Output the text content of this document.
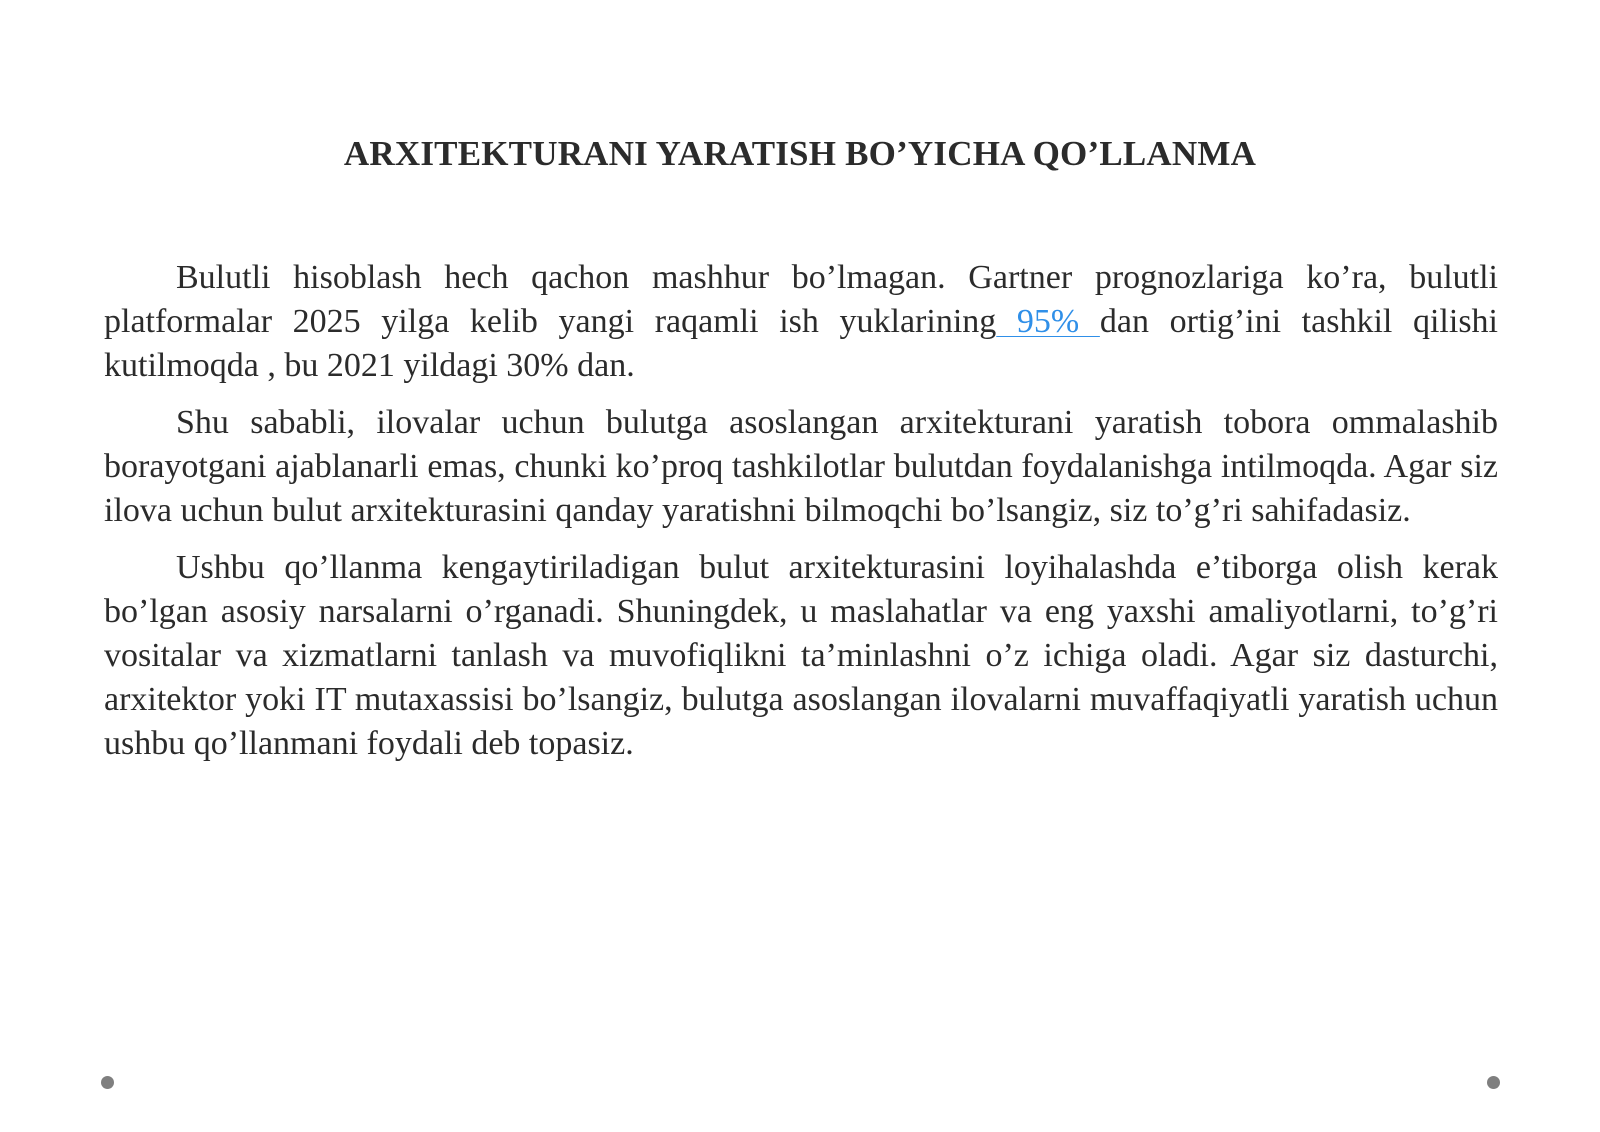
ARXITEKTURANI YARATISH BO’YICHA QO’LLANMA

Bulutli hisoblash hech qachon mashhur bo’lmagan. Gartner prognozlariga ko’ra, bulutli platformalar 2025 yilga kelib yangi raqamli ish yuklarining 95% dan ortig’ini tashkil qilishi kutilmoqda , bu 2021 yildagi 30% dan.

Shu sababli, ilovalar uchun bulutga asoslangan arxitekturani yaratish tobora ommalashib borayotgani ajablanarli emas, chunki ko’proq tashkilotlar bulutdan foydalanishga intilmoqda. Agar siz ilova uchun bulut arxitekturasini qanday yaratishni bilmoqchi bo’lsangiz, siz to’g’ri sahifadasiz.

Ushbu qo’llanma kengaytiriladigan bulut arxitekturasini loyihalashda e’tiborga olish kerak bo’lgan asosiy narsalarni o’rganadi. Shuningdek, u maslahatlar va eng yaxshi amaliyotlarni, to’g’ri vositalar va xizmatlarni tanlash va muvofiqlikni ta’minlashni o’z ichiga oladi. Agar siz dasturchi, arxitektor yoki IT mutaxassisi bo’lsangiz, bulutga asoslangan ilovalarni muvaffaqiyatli yaratish uchun ushbu qo’llanmani foydali deb topasiz.
